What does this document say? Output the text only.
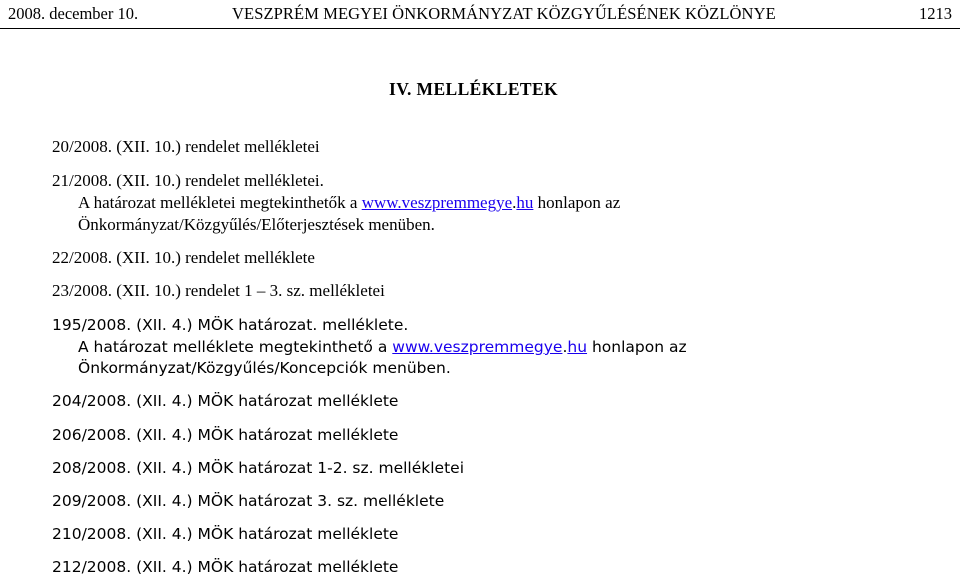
2008. december 10.	VESZPRÉM MEGYEI ÖNKORMÁNYZAT KÖZGYŰLÉSÉNEK KÖZLÖNYE	1213
IV. MELLÉKLETEK
20/2008. (XII. 10.) rendelet mellékletei
21/2008. (XII. 10.) rendelet mellékletei.
A határozat mellékletei megtekinthetők a www.veszpremmegye.hu honlapon az
Önkormányzat/Közgyűlés/Előterjesztések menüben.
22/2008. (XII. 10.) rendelet melléklete
23/2008. (XII. 10.) rendelet 1 – 3. sz. mellékletei
195/2008. (XII. 4.) MÖK határozat. melléklete.
A határozat melléklete megtekinthető a www.veszpremmegye.hu honlapon az
Önkormányzat/Közgyűlés/Koncepciók menüben.
204/2008. (XII. 4.) MÖK határozat melléklete
206/2008. (XII. 4.) MÖK határozat melléklete
208/2008. (XII. 4.) MÖK határozat 1-2. sz. mellékletei
209/2008. (XII. 4.) MÖK határozat 3. sz. melléklete
210/2008. (XII. 4.) MÖK határozat melléklete
212/2008. (XII. 4.) MÖK határozat melléklete
